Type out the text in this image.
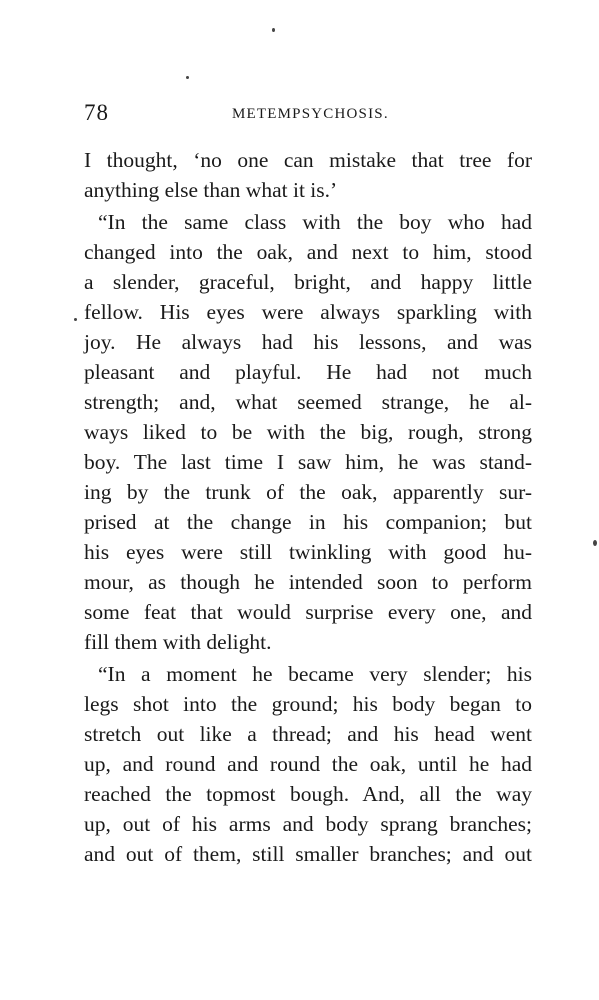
78	METEMPSYCHOSIS.
I thought, ‘no one can mistake that tree for
anything else than what it is.’
“In the same class with the boy who had
changed into the oak, and next to him, stood
a slender, graceful, bright, and happy little
fellow. His eyes were always sparkling with
joy. He always had his lessons, and was
pleasant and playful. He had not much
strength; and, what seemed strange, he al-
ways liked to be with the big, rough, strong
boy. The last time I saw him, he was stand-
ing by the trunk of the oak, apparently sur-
prised at the change in his companion; but
his eyes were still twinkling with good hu-
mour, as though he intended soon to perform
some feat that would surprise every one, and
fill them with delight.
“In a moment he became very slender; his
legs shot into the ground; his body began to
stretch out like a thread; and his head went
up, and round and round the oak, until he had
reached the topmost bough. And, all the way
up, out of his arms and body sprang branches;
and out of them, still smaller branches; and out
